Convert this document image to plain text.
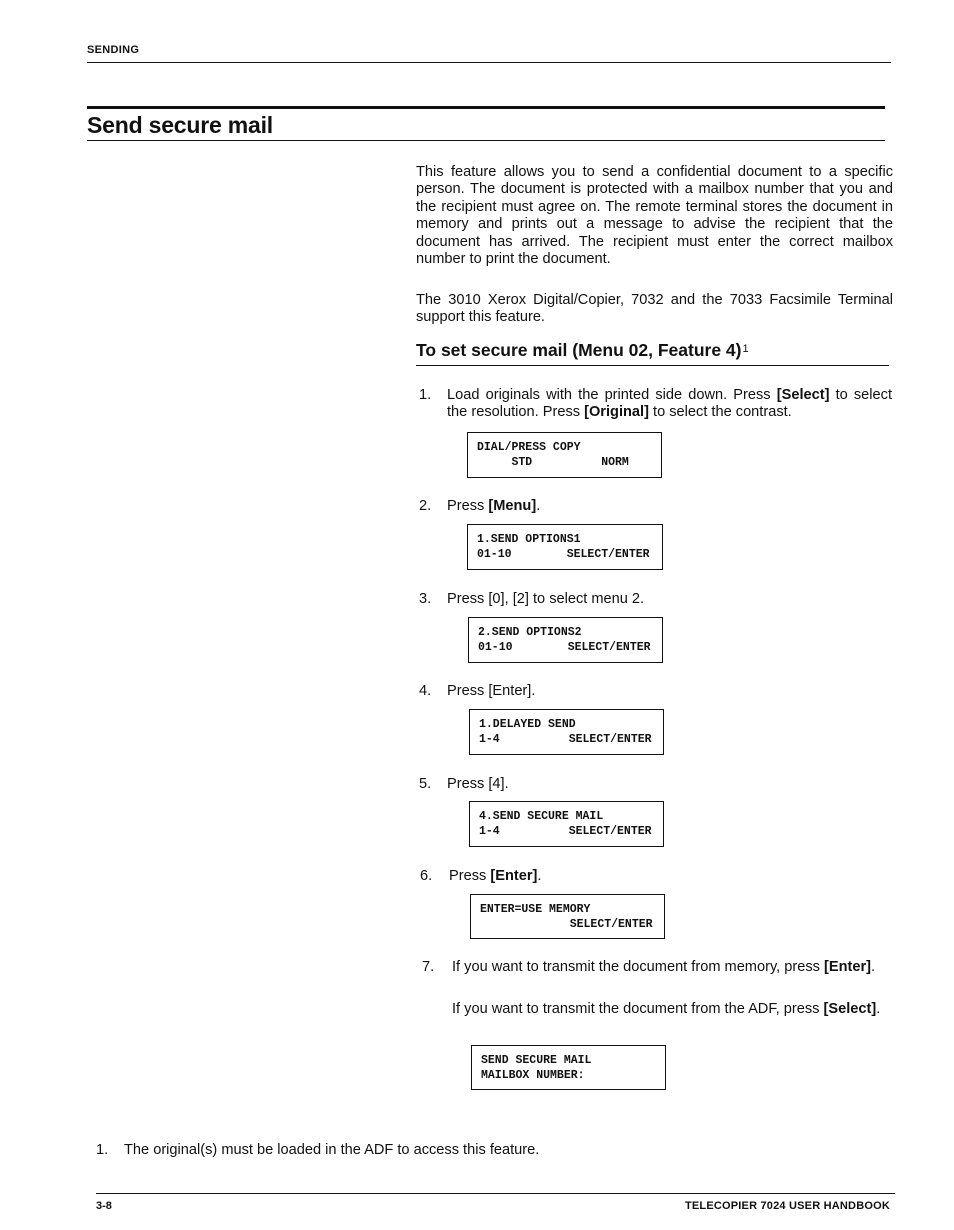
SENDING
Send secure mail

This feature allows you to send a confidential document to a specific person. The document is protected with a mailbox number that you and the recipient must agree on. The remote terminal stores the document in memory and prints out a message to advise the recipient that the document has arrived. The recipient must enter the correct mailbox number to print the document.

The 3010 Xerox Digital/Copier, 7032 and the 7033 Facsimile Terminal support this feature.

To set secure mail (Menu 02, Feature 4)$^1$
1. Load originals with the printed side down. Press [Select] to select the resolution. Press [Original] to select the contrast.
DIAL/PRESS COPY
STD          NORM
2. Press [Menu].
1.SEND OPTIONS1
01-10        SELECT/ENTER
3. Press [0], [2] to select menu 2.
2.SEND OPTIONS2
01-10        SELECT/ENTER
4. Press [Enter].
1.DELAYED SEND
1-4          SELECT/ENTER
5. Press [4].
4.SEND SECURE MAIL
1-4          SELECT/ENTER
6. Press [Enter].
ENTER=USE MEMORY
SELECT/ENTER
7. If you want to transmit the document from memory, press [Enter].
If you want to transmit the document from the ADF, press [Select].
SEND SECURE MAIL
MAILBOX NUMBER:
1. The original(s) must be loaded in the ADF to access this feature.
3-8	TELECOPIER 7024 USER HANDBOOK
